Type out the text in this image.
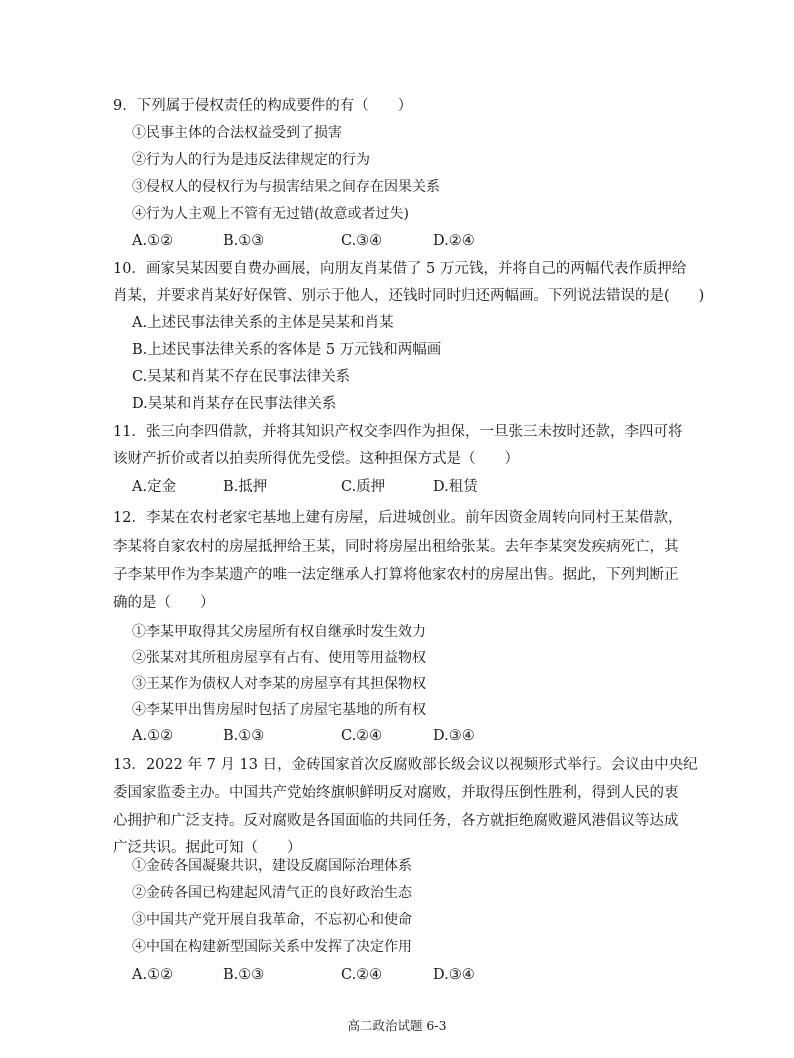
9．下列属于侵权责任的构成要件的有（　　）
①民事主体的合法权益受到了损害
②行为人的行为是违反法律规定的行为
③侵权人的侵权行为与损害结果之间存在因果关系
④行为人主观上不管有无过错(故意或者过失)
A.①②	B.①③	C.③④	D.②④
10．画家吴某因要自费办画展，向朋友肖某借了 5 万元钱，并将自己的两幅代表作质押给
肖某，并要求肖某好好保管、别示于他人，还钱时同时归还两幅画。下列说法错误的是(　　)
A.上述民事法律关系的主体是吴某和肖某
B.上述民事法律关系的客体是 5 万元钱和两幅画
C.吴某和肖某不存在民事法律关系
D.吴某和肖某存在民事法律关系
11．张三向李四借款，并将其知识产权交李四作为担保，一旦张三未按时还款，李四可将
该财产折价或者以拍卖所得优先受偿。这种担保方式是（　　）
A.定金	B.抵押	C.质押	D.租赁
12．李某在农村老家宅基地上建有房屋，后进城创业。前年因资金周转向同村王某借款，
李某将自家农村的房屋抵押给王某，同时将房屋出租给张某。去年李某突发疾病死亡，其
子李某甲作为李某遗产的唯一法定继承人打算将他家农村的房屋出售。据此，下列判断正
确的是（　　）
①李某甲取得其父房屋所有权自继承时发生效力
②张某对其所租房屋享有占有、使用等用益物权
③王某作为债权人对李某的房屋享有其担保物权
④李某甲出售房屋时包括了房屋宅基地的所有权
A.①②	B.①③	C.②④	D.③④
13．2022 年 7 月 13 日，金砖国家首次反腐败部长级会议以视频形式举行。会议由中央纪
委国家监委主办。中国共产党始终旗帜鲜明反对腐败，并取得压倒性胜利，得到人民的衷
心拥护和广泛支持。反对腐败是各国面临的共同任务，各方就拒绝腐败避风港倡议等达成
广泛共识。据此可知（　　）
①金砖各国凝聚共识，建设反腐国际治理体系
②金砖各国已构建起风清气正的良好政治生态
③中国共产党开展自我革命，不忘初心和使命
④中国在构建新型国际关系中发挥了决定作用
A.①②	B.①③	C.②④	D.③④
高二政治试题 6-3
